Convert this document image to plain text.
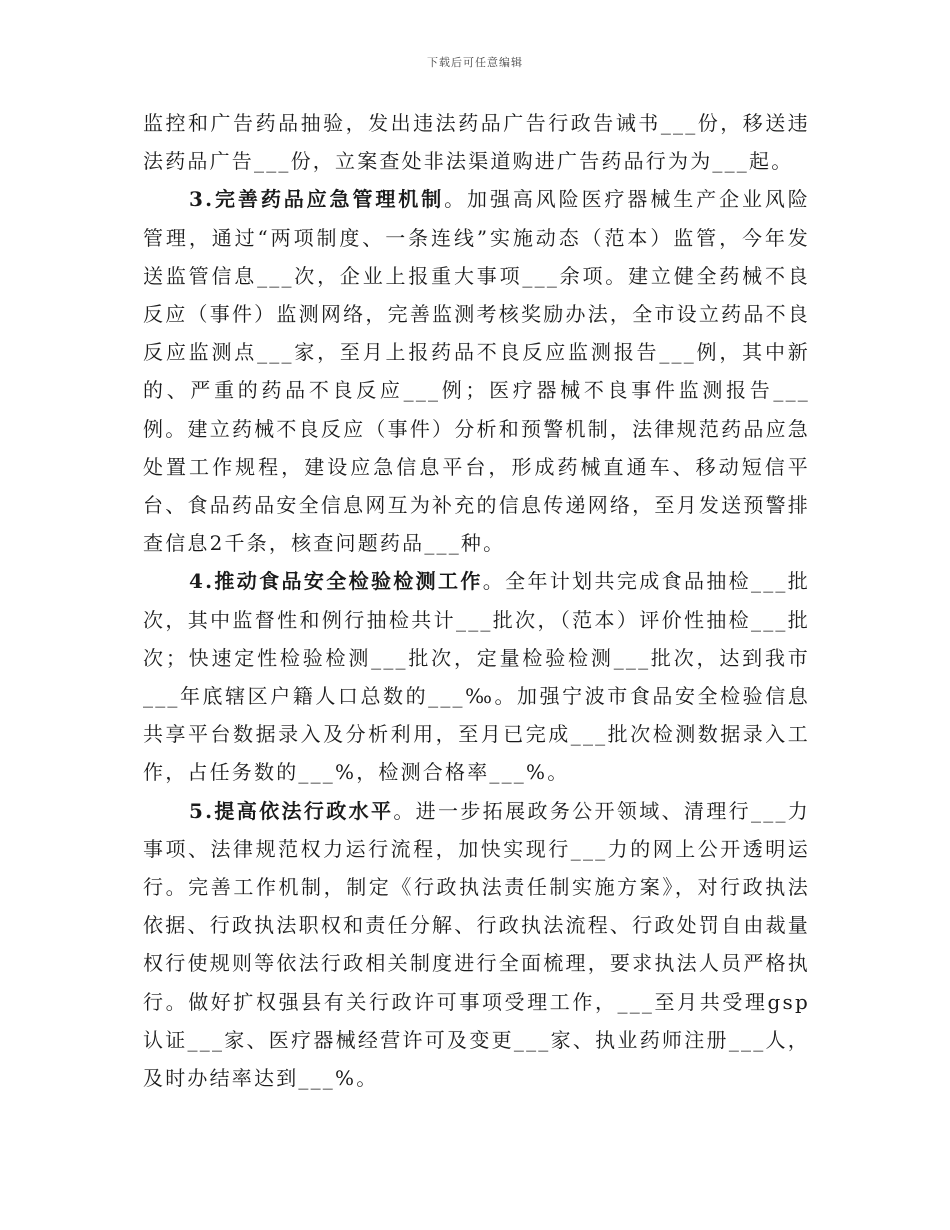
下载后可任意编辑

监控和广告药品抽验，发出违法药品广告行政告诫书___份，移送违法药品广告___份，立案查处非法渠道购进广告药品行为为___起。

3.完善药品应急管理机制。加强高风险医疗器械生产企业风险管理，通过“两项制度、一条连线”实施动态（范本）监管，今年发送监管信息___次，企业上报重大事项___余项。建立健全药械不良反应（事件）监测网络，完善监测考核奖励办法，全市设立药品不良反应监测点___家，至月上报药品不良反应监测报告___例，其中新的、严重的药品不良反应___例；医疗器械不良事件监测报告___例。建立药械不良反应（事件）分析和预警机制，法律规范药品应急处置工作规程，建设应急信息平台，形成药械直通车、移动短信平台、食品药品安全信息网互为补充的信息传递网络，至月发送预警排查信息2千条，核查问题药品___种。

4.推动食品安全检验检测工作。全年计划共完成食品抽检___批次，其中监督性和例行抽检共计___批次，（范本）评价性抽检___批次；快速定性检验检测___批次，定量检验检测___批次，达到我市___年底辖区户籍人口总数的___‰。加强宁波市食品安全检验信息共享平台数据录入及分析利用，至月已完成___批次检测数据录入工作，占任务数的___%，检测合格率___%。

5.提高依法行政水平。进一步拓展政务公开领域、清理行___力事项、法律规范权力运行流程，加快实现行___力的网上公开透明运行。完善工作机制，制定《行政执法责任制实施方案》，对行政执法依据、行政执法职权和责任分解、行政执法流程、行政处罚自由裁量权行使规则等依法行政相关制度进行全面梳理，要求执法人员严格执行。做好扩权强县有关行政许可事项受理工作，___至月共受理gsp认证___家、医疗器械经营许可及变更___家、执业药师注册___人，及时办结率达到___%。
